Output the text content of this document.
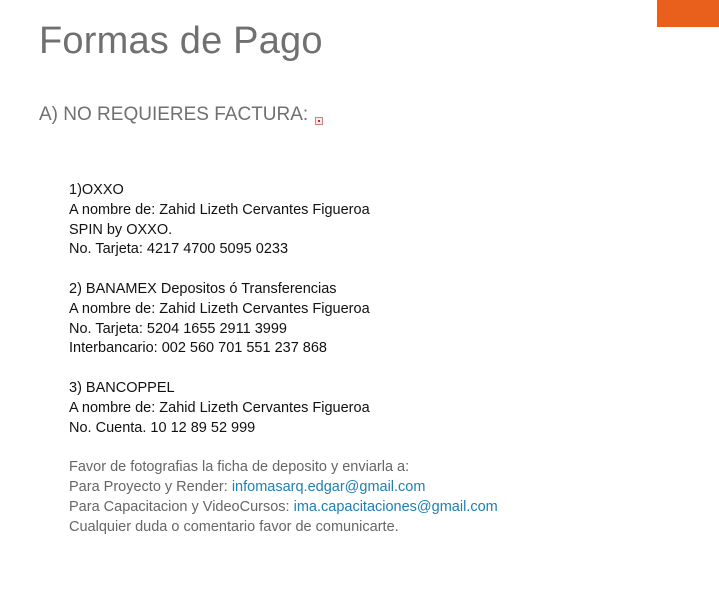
Formas de Pago
A) NO REQUIERES FACTURA:
1)OXXO
A nombre de: Zahid Lizeth Cervantes Figueroa
SPIN by OXXO.
No. Tarjeta: 4217 4700 5095 0233
2) BANAMEX Depositos ó Transferencias
A nombre de: Zahid Lizeth Cervantes Figueroa
No. Tarjeta: 5204 1655 2911 3999
Interbancario: 002 560 701 551 237 868
3) BANCOPPEL
A nombre de: Zahid Lizeth Cervantes Figueroa
No. Cuenta. 10 12 89 52 999
Favor de fotografias la ficha de deposito y enviarla a:
Para Proyecto y Render: infomasarq.edgar@gmail.com
Para Capacitacion y VideoCursos: ima.capacitaciones@gmail.com
Cualquier duda o comentario favor de comunicarte.
